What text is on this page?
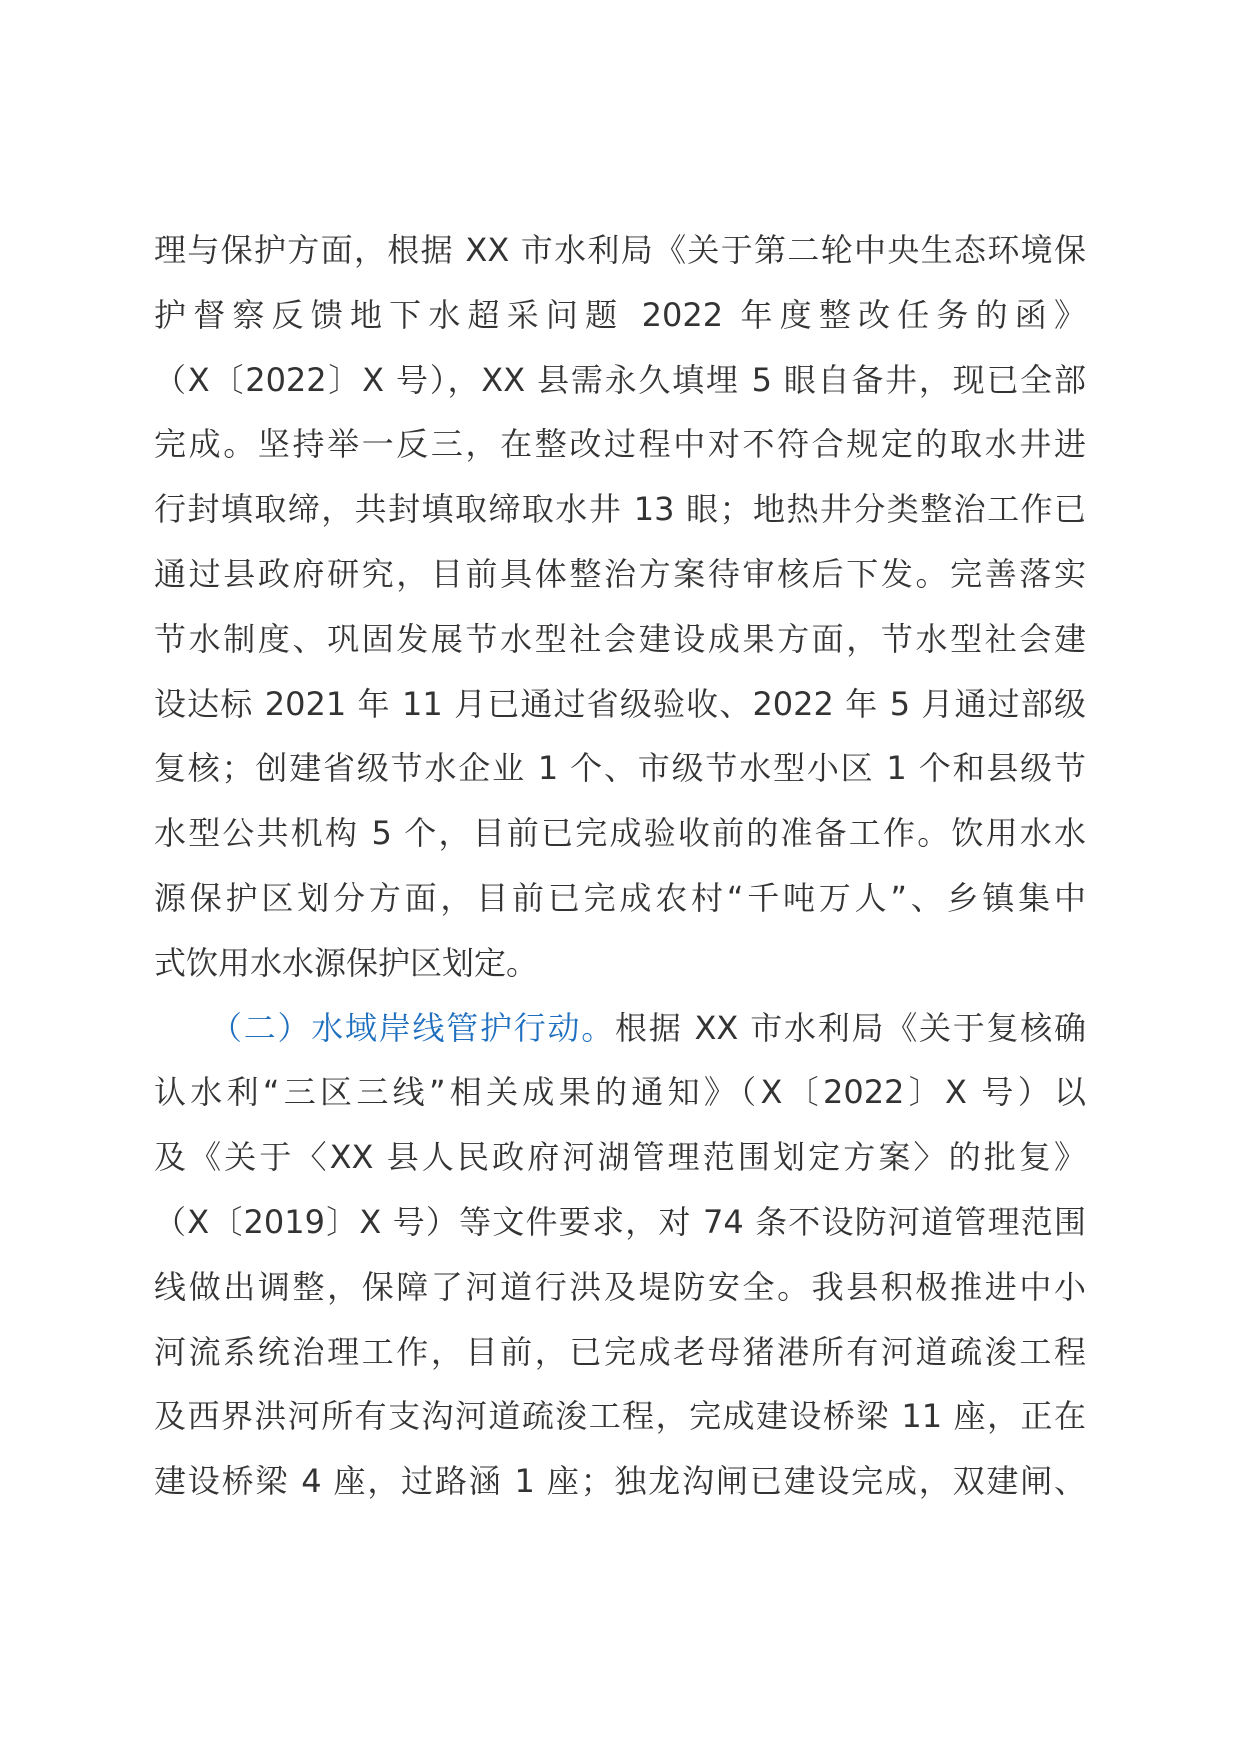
理与保护方面，根据 XX 市水利局《关于第二轮中央生态环境保
护督察反馈地下水超采问题 2022 年度整改任务的函》
（X〔2022〕X 号），XX 县需永久填埋 5 眼自备井，现已全部
完成。坚持举一反三，在整改过程中对不符合规定的取水井进
行封填取缔，共封填取缔取水井 13 眼；地热井分类整治工作已
通过县政府研究，目前具体整治方案待审核后下发。完善落实
节水制度、巩固发展节水型社会建设成果方面，节水型社会建
设达标 2021 年 11 月已通过省级验收、2022 年 5 月通过部级
复核；创建省级节水企业 1 个、市级节水型小区 1 个和县级节
水型公共机构 5 个，目前已完成验收前的准备工作。饮用水水
源保护区划分方面，目前已完成农村“千吨万人”、乡镇集中
式饮用水水源保护区划定。
（二）水域岸线管护行动。根据 XX 市水利局《关于复核确
认水利“三区三线”相关成果的通知》（X〔2022〕X 号）以
及《关于〈XX 县人民政府河湖管理范围划定方案〉的批复》
（X〔2019〕X 号）等文件要求，对 74 条不设防河道管理范围
线做出调整，保障了河道行洪及堤防安全。我县积极推进中小
河流系统治理工作，目前，已完成老母猪港所有河道疏浚工程
及西界洪河所有支沟河道疏浚工程，完成建设桥梁 11 座，正在
建设桥梁 4 座，过路涵 1 座；独龙沟闸已建设完成，双建闸、
